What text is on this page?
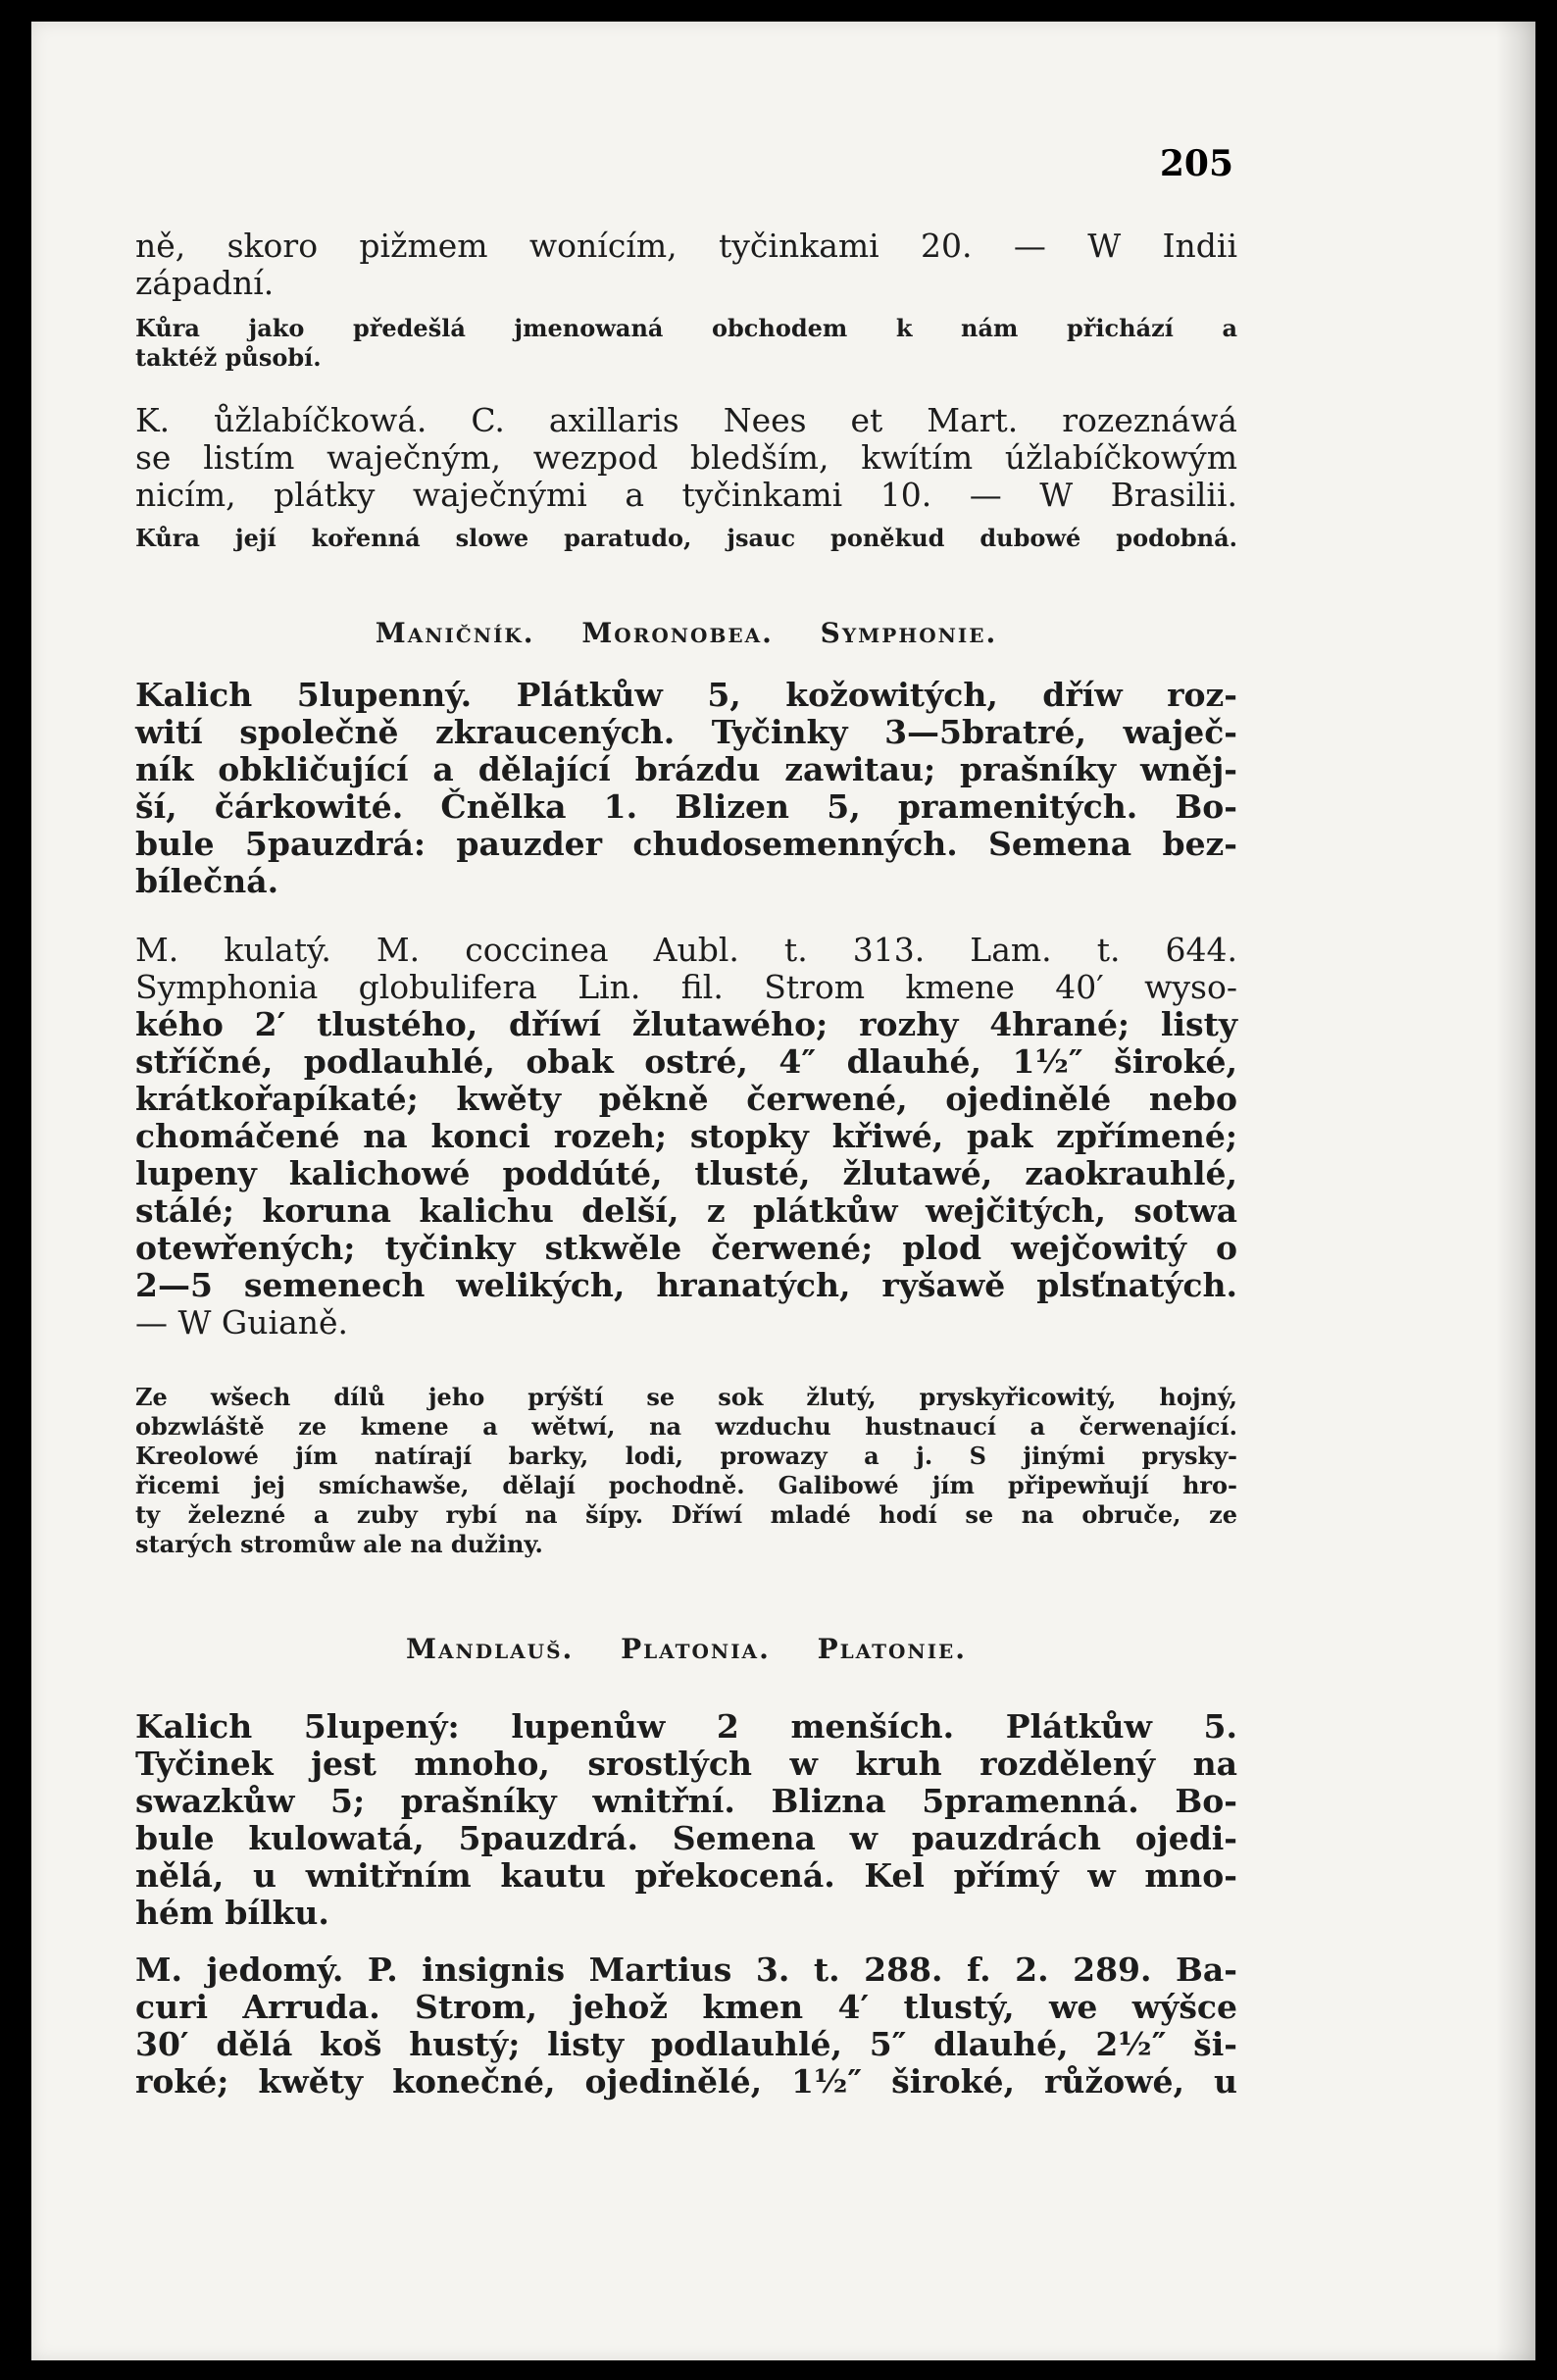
205
ně, skoro pižmem wonícím, tyčinkami 20. — W Indii
západní.
Kůra jako předešlá jmenowaná obchodem k nám přichází a
taktéž působí.
K. ůžlabíčkowá. C. axillaris Nees et Mart. rozeznáwá
se listím waječným, wezpod bledším, kwítím úžlabíčkowým
nicím, plátky waječnými a tyčinkami 10. — W Brasilii.
Kůra její kořenná slowe paratudo, jsauc poněkud dubowé podobná.
Maničník. Moronobea. Symphonie.
Kalich 5lupenný. Plátkůw 5, kožowitých, dříw roz-
wití společně zkraucených. Tyčinky 3—5bratré, waječ-
ník obkličující a dělající brázdu zawitau; prašníky wněj-
ší, čárkowité. Čnělka 1. Blizen 5, pramenitých. Bo-
bule 5pauzdrá: pauzder chudosemenných. Semena bez-
bílečná.
M. kulatý. M. coccinea Aubl. t. 313. Lam. t. 644.
Symphonia globulifera Lin. fil. Strom kmene 40′ wyso-
kého 2′ tlustého, dříwí žlutawého; rozhy 4hrané; listy
stříčné, podlauhlé, obak ostré, 4″ dlauhé, 1½″ široké,
krátkořapíkaté; kwěty pěkně čerwené, ojedinělé nebo
chomáčené na konci rozeh; stopky křiwé, pak zpřímené;
lupeny kalichowé poddúté, tlusté, žlutawé, zaokrauhlé,
stálé; koruna kalichu delší, z plátkůw wejčitých, sotwa
otewřených; tyčinky stkwěle čerwené; plod wejčowitý o
2—5 semenech welikých, hranatých, ryšawě plsťnatých.
— W Guianě.
Ze wšech dílů jeho prýští se sok žlutý, pryskyřicowitý, hojný,
obzwláště ze kmene a wětwí, na wzduchu hustnaucí a čerwenající.
Kreolowé jím natírají barky, lodi, prowazy a j. S jinými prysky-
řicemi jej smíchawše, dělají pochodně. Galibowé jím připewňují hro-
ty železné a zuby rybí na šípy. Dříwí mladé hodí se na obruče, ze
starých stromůw ale na dužiny.
Mandlauš. Platonia. Platonie.
Kalich 5lupený: lupenůw 2 menších. Plátkůw 5.
Tyčinek jest mnoho, srostlých w kruh rozdělený na
swazkůw 5; prašníky wnitřní. Blizna 5pramenná. Bo-
bule kulowatá, 5pauzdrá. Semena w pauzdrách ojedi-
nělá, u wnitřním kautu překocená. Kel přímý w mno-
hém bílku.
M. jedomý. P. insignis Martius 3. t. 288. f. 2. 289. Ba-
curi Arruda. Strom, jehož kmen 4′ tlustý, we wýšce
30′ dělá koš hustý; listy podlauhlé, 5″ dlauhé, 2½″ ši-
roké; kwěty konečné, ojedinělé, 1½″ široké, růžowé, u
